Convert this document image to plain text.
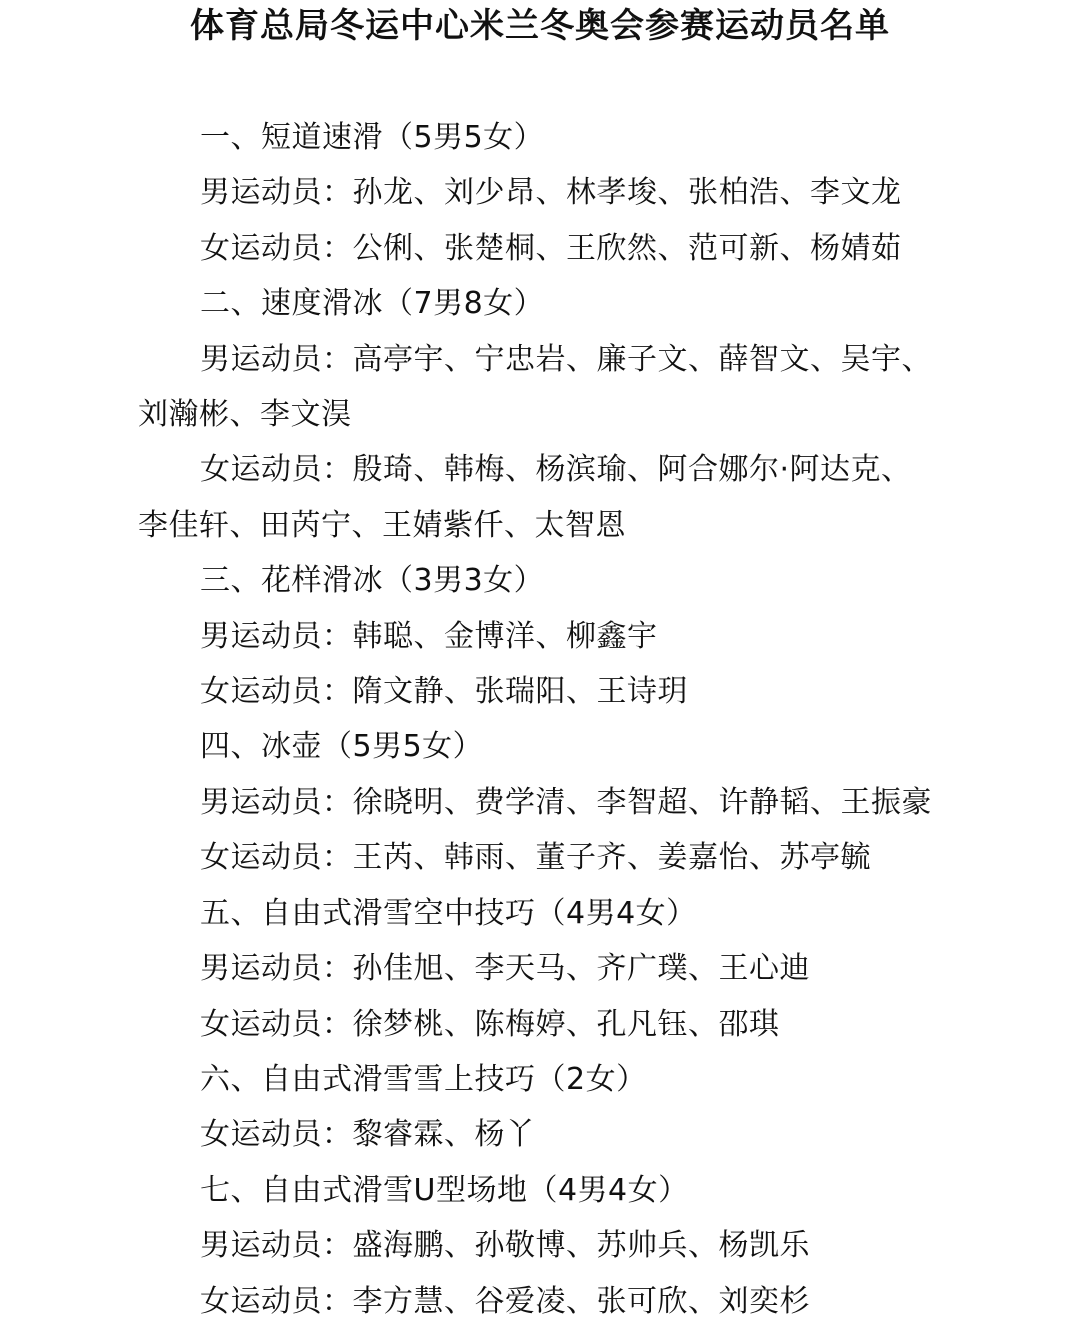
体育总局冬运中心米兰冬奥会参赛运动员名单
一、短道速滑（5男5女）
男运动员：孙龙、刘少昂、林孝埈、张柏浩、李文龙
女运动员：公俐、张楚桐、王欣然、范可新、杨婧茹
二、速度滑冰（7男8女）
男运动员：高亭宇、宁忠岩、廉子文、薛智文、吴宇、
刘瀚彬、李文淏
女运动员：殷琦、韩梅、杨滨瑜、阿合娜尔·阿达克、
李佳轩、田芮宁、王婧紫仟、太智恩
三、花样滑冰（3男3女）
男运动员：韩聪、金博洋、柳鑫宇
女运动员：隋文静、张瑞阳、王诗玥
四、冰壶（5男5女）
男运动员：徐晓明、费学清、李智超、许静韬、王振豪
女运动员：王芮、韩雨、董子齐、姜嘉怡、苏亭毓
五、自由式滑雪空中技巧（4男4女）
男运动员：孙佳旭、李天马、齐广璞、王心迪
女运动员：徐梦桃、陈梅婷、孔凡钰、邵琪
六、自由式滑雪雪上技巧（2女）
女运动员：黎睿霖、杨丫
七、自由式滑雪U型场地（4男4女）
男运动员：盛海鹏、孙敬博、苏帅兵、杨凯乐
女运动员：李方慧、谷爱凌、张可欣、刘奕杉
